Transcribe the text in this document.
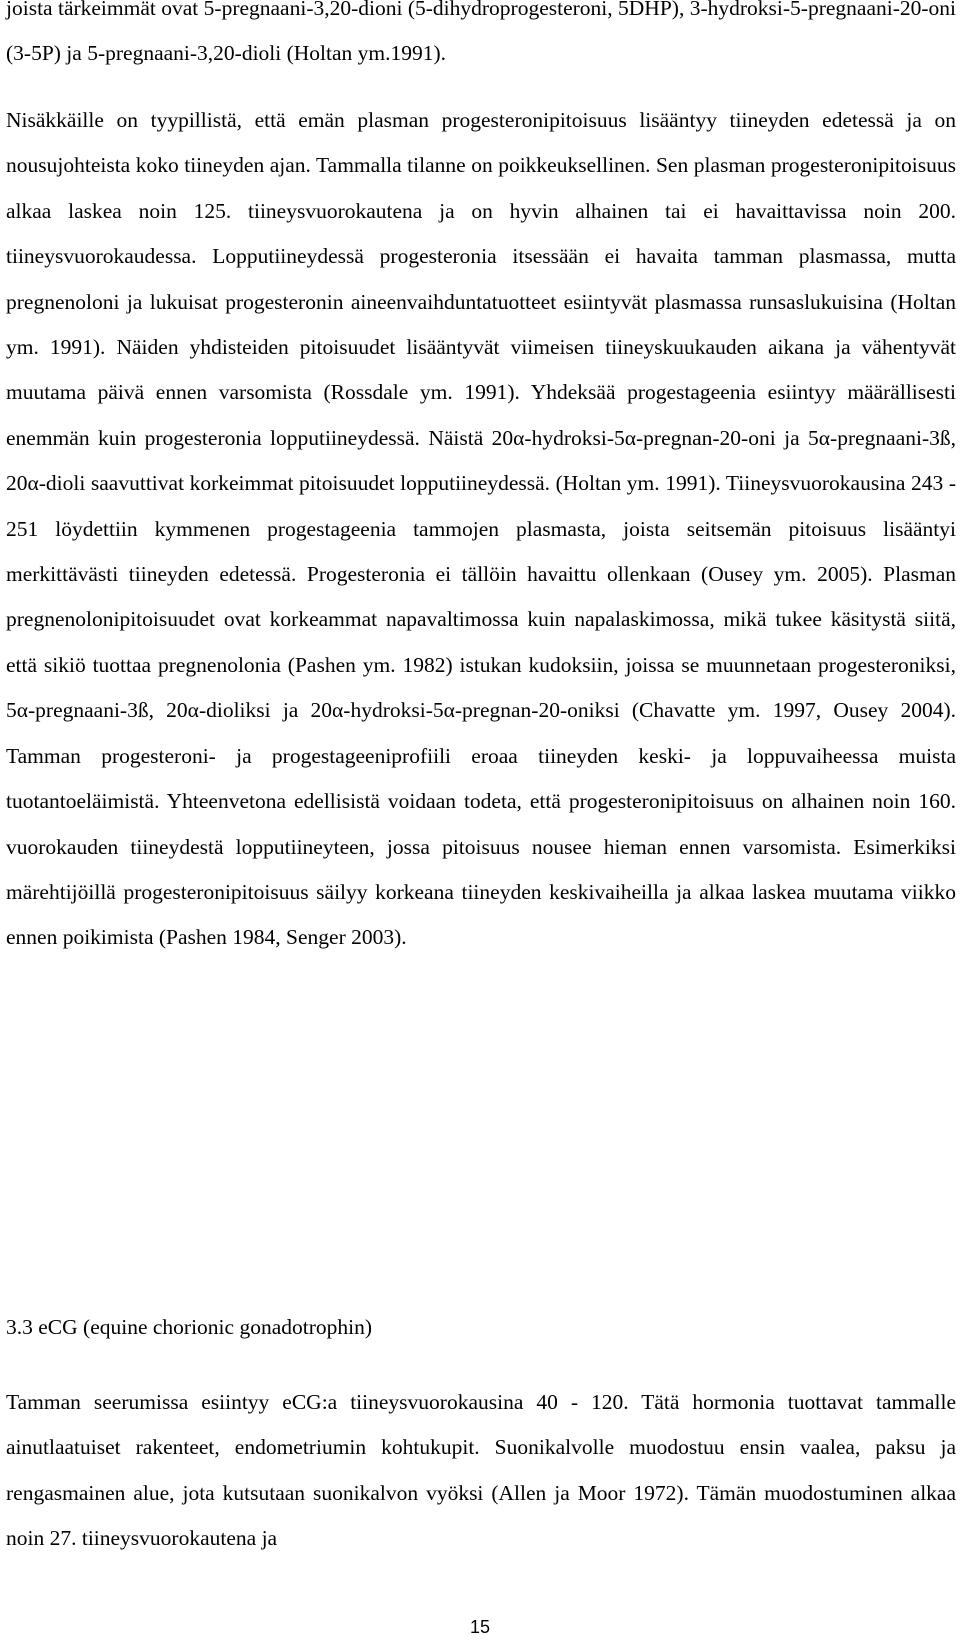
joista tärkeimmät ovat 5-pregnaani-3,20-dioni (5-dihydroprogesteroni, 5DHP), 3-hydroksi-5-pregnaani-20-oni (3-5P) ja 5-pregnaani-3,20-dioli (Holtan ym.1991).

Nisäkkäille on tyypillistä, että emän plasman progesteronipitoisuus lisääntyy tiineyden edetessä ja on nousujohteista koko tiineyden ajan. Tammalla tilanne on poikkeuksellinen. Sen plasman progesteronipitoisuus alkaa laskea noin 125. tiineysvuorokautena ja on hyvin alhainen tai ei havaittavissa noin 200. tiineysvuorokaudessa. Lopputiineydessä progesteronia itsessään ei havaita tamman plasmassa, mutta pregnenoloni ja lukuisat progesteronin aineenvaihduntatuotteet esiintyvät plasmassa runsaslukuisina (Holtan ym. 1991). Näiden yhdisteiden pitoisuudet lisääntyvät viimeisen tiineyskuukauden aikana ja vähentyvät muutama päivä ennen varsomista (Rossdale ym. 1991). Yhdeksää progestageenia esiintyy määrällisesti enemmän kuin progesteronia lopputiineydessä. Näistä 20α-hydroksi-5α-pregnan-20-oni ja 5α-pregnaani-3ß, 20α-dioli saavuttivat korkeimmat pitoisuudet lopputiineydessä. (Holtan ym. 1991). Tiineysvuorokausina 243 - 251 löydettiin kymmenen progestageenia tammojen plasmasta, joista seitsemän pitoisuus lisääntyi merkittävästi tiineyden edetessä. Progesteronia ei tällöin havaittu ollenkaan (Ousey ym. 2005). Plasman pregnenolonipitoisuudet ovat korkeammat napavaltimossa kuin napalaskimossa, mikä tukee käsitystä siitä, että sikiö tuottaa pregnenolonia (Pashen ym. 1982) istukan kudoksiin, joissa se muunnetaan progesteroniksi, 5α-pregnaani-3ß, 20α-dioliksi ja 20α-hydroksi-5α-pregnan-20-oniksi (Chavatte ym. 1997, Ousey 2004). Tamman progesteroni- ja progestageeniprofiili eroaa tiineyden keski- ja loppuvaiheessa muista tuotantoeläimistä. Yhteenvetona edellisistä voidaan todeta, että progesteronipitoisuus on alhainen noin 160. vuorokauden tiineydestä lopputiineyteen, jossa pitoisuus nousee hieman ennen varsomista. Esimerkiksi märehtijöillä progesteronipitoisuus säilyy korkeana tiineyden keskivaiheilla ja alkaa laskea muutama viikko ennen poikimista (Pashen 1984, Senger 2003).

3.3 eCG (equine chorionic gonadotrophin)

Tamman seerumissa esiintyy eCG:a tiineysvuorokausina 40 - 120. Tätä hormonia tuottavat tammalle ainutlaatuiset rakenteet, endometriumin kohtukupit. Suonikalvolle muodostuu ensin vaalea, paksu ja rengasmainen alue, jota kutsutaan suonikalvon vyöksi (Allen ja Moor 1972). Tämän muodostuminen alkaa noin 27. tiineysvuorokautena ja

15
